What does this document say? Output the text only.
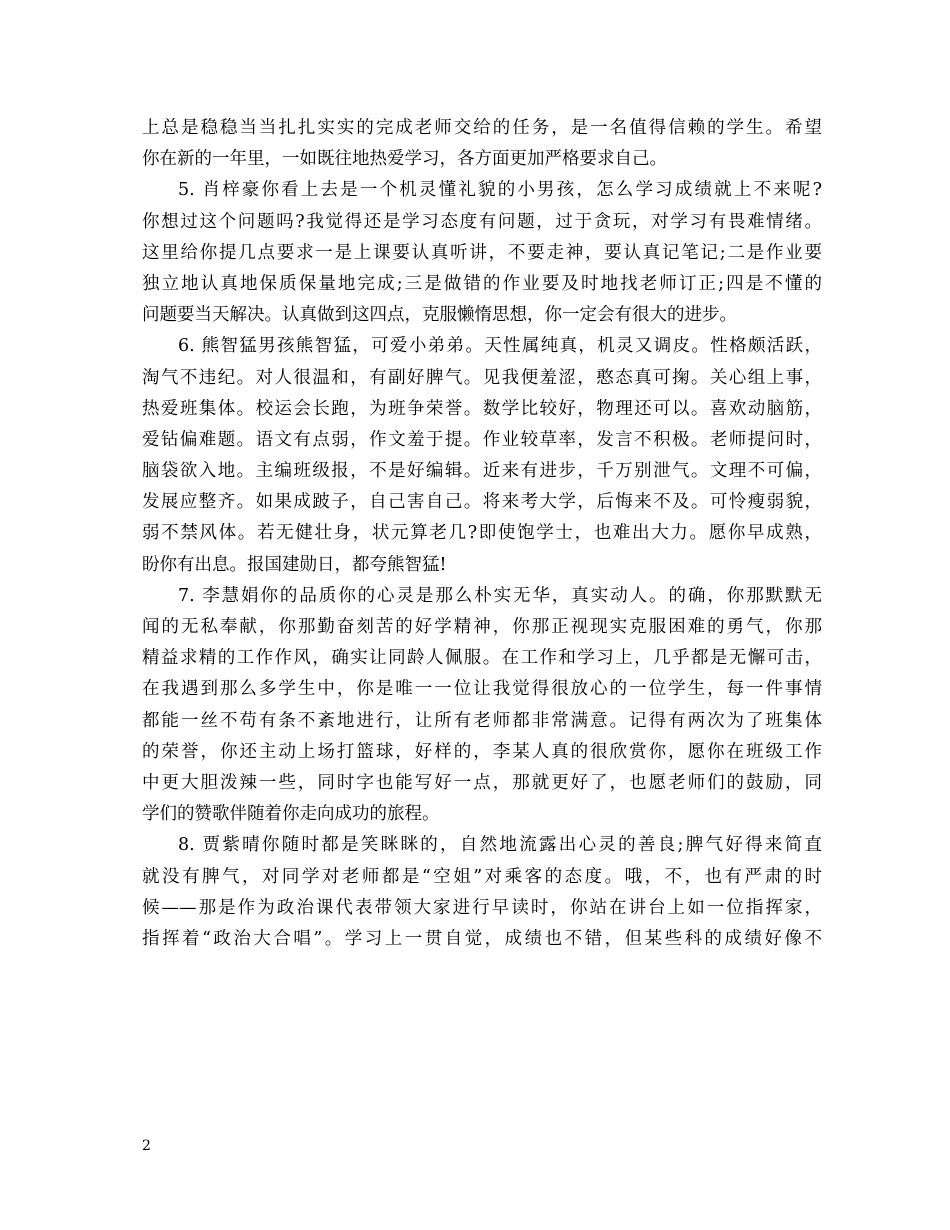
上总是稳稳当当扎扎实实的完成老师交给的任务，是一名值得信赖的学生。希望
你在新的一年里，一如既往地热爱学习，各方面更加严格要求自己。
5. 肖梓豪你看上去是一个机灵懂礼貌的小男孩，怎么学习成绩就上不来呢?
你想过这个问题吗?我觉得还是学习态度有问题，过于贪玩，对学习有畏难情绪。
这里给你提几点要求一是上课要认真听讲，不要走神，要认真记笔记;二是作业要
独立地认真地保质保量地完成;三是做错的作业要及时地找老师订正;四是不懂的
问题要当天解决。认真做到这四点，克服懒惰思想，你一定会有很大的进步。
6. 熊智猛男孩熊智猛，可爱小弟弟。天性属纯真，机灵又调皮。性格颇活跃，
淘气不违纪。对人很温和，有副好脾气。见我便羞涩，憨态真可掬。关心组上事，
热爱班集体。校运会长跑，为班争荣誉。数学比较好，物理还可以。喜欢动脑筋，
爱钻偏难题。语文有点弱，作文羞于提。作业较草率，发言不积极。老师提问时，
脑袋欲入地。主编班级报，不是好编辑。近来有进步，千万别泄气。文理不可偏，
发展应整齐。如果成跛子，自己害自己。将来考大学，后悔来不及。可怜瘦弱貌，
弱不禁风体。若无健壮身，状元算老几?即使饱学士，也难出大力。愿你早成熟，
盼你有出息。报国建勋日，都夸熊智猛!
7. 李慧娟你的品质你的心灵是那么朴实无华，真实动人。的确，你那默默无
闻的无私奉献，你那勤奋刻苦的好学精神，你那正视现实克服困难的勇气，你那
精益求精的工作作风，确实让同龄人佩服。在工作和学习上，几乎都是无懈可击，
在我遇到那么多学生中，你是唯一一位让我觉得很放心的一位学生，每一件事情
都能一丝不苟有条不紊地进行，让所有老师都非常满意。记得有两次为了班集体
的荣誉，你还主动上场打篮球，好样的，李某人真的很欣赏你，愿你在班级工作
中更大胆泼辣一些，同时字也能写好一点，那就更好了，也愿老师们的鼓励，同
学们的赞歌伴随着你走向成功的旅程。
8. 贾紫晴你随时都是笑眯眯的，自然地流露出心灵的善良;脾气好得来简直
就没有脾气，对同学对老师都是“空姐”对乘客的态度。哦，不，也有严肃的时
候——那是作为政治课代表带领大家进行早读时，你站在讲台上如一位指挥家，
指挥着“政治大合唱”。学习上一贯自觉，成绩也不错，但某些科的成绩好像不
2
